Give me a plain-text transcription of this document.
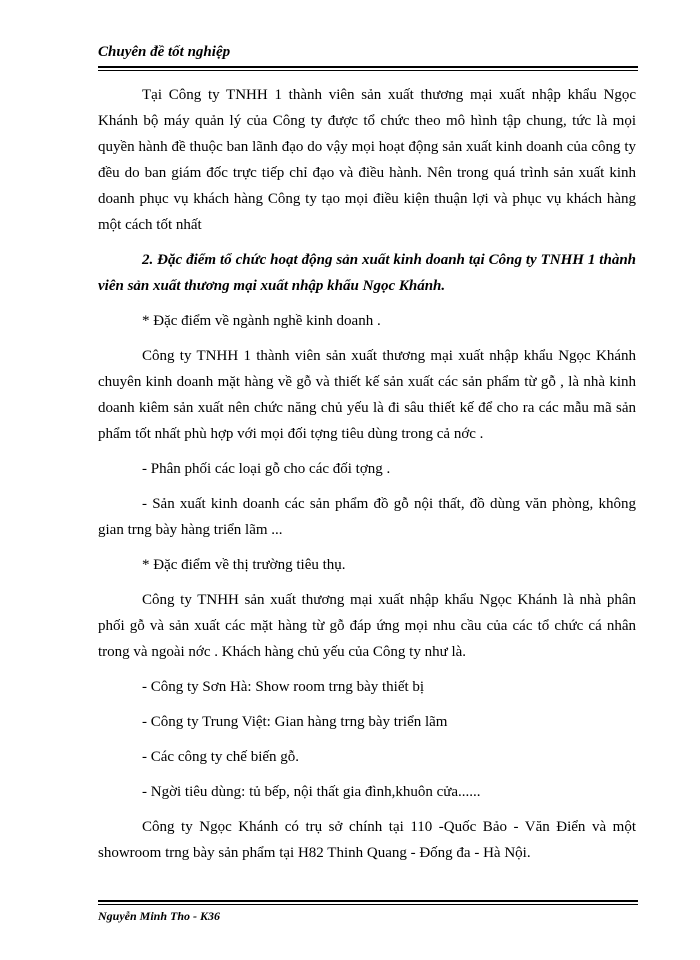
Chuyên đề tốt nghiệp

Tại Công ty TNHH 1 thành viên sản xuất thương mại xuất nhập khẩu Ngọc Khánh bộ máy quản lý của Công ty được tổ chức theo mô hình tập chung, tức là mọi quyền hành đề thuộc ban lãnh đạo do vậy mọi hoạt động sản xuất kinh doanh của công ty đều do ban giám đốc trực tiếp chỉ đạo và điều hành. Nên trong quá trình sản xuất kinh doanh phục vụ khách hàng Công ty tạo mọi điều kiện thuận lợi và phục vụ khách hàng một cách tốt nhất

2. Đặc điểm tổ chức hoạt động sản xuất kinh doanh tại Công ty TNHH 1 thành viên sản xuất thương mại xuất nhập khẩu Ngọc Khánh.

* Đặc điểm về ngành nghề kinh doanh .

Công ty TNHH 1 thành viên sản xuất thương mại xuất nhập khẩu Ngọc Khánh chuyên kinh doanh mặt hàng về gỗ và thiết kế sản xuất các sản phẩm từ gỗ , là nhà kinh doanh kiêm sản xuất nên chức năng chủ yếu là đi sâu thiết kế để cho ra các mẫu mã sản phẩm tốt nhất phù hợp với mọi đối tợng tiêu dùng trong cả nớc .

- Phân phối các loại gỗ cho các đối tợng .

- Sản xuất kinh doanh các sản phẩm đồ gỗ nội thất, đồ dùng văn phòng, không gian trng bày hàng triển lãm ...

* Đặc điểm về thị trường tiêu thụ.

Công ty TNHH sản xuất thương mại xuất nhập khẩu Ngọc Khánh là nhà phân phối gỗ và sản xuất các mặt hàng từ gỗ đáp ứng mọi nhu cầu của các tổ chức cá nhân trong và ngoài nớc . Khách hàng chủ yếu của Công ty như là.

- Công ty Sơn Hà: Show room trng bày thiết bị

- Công ty Trung Việt: Gian hàng trng bày triển lãm

- Các công ty chế biến gỗ.

- Ngời tiêu dùng: tủ bếp, nội thất gia đình,khuôn cửa......

Công ty Ngọc Khánh có trụ sở chính tại 110 -Quốc Bảo - Văn Điển và một showroom trng bày sản phẩm tại H82 Thinh Quang - Đống đa - Hà Nội.

Nguyễn Minh Tho - K36
